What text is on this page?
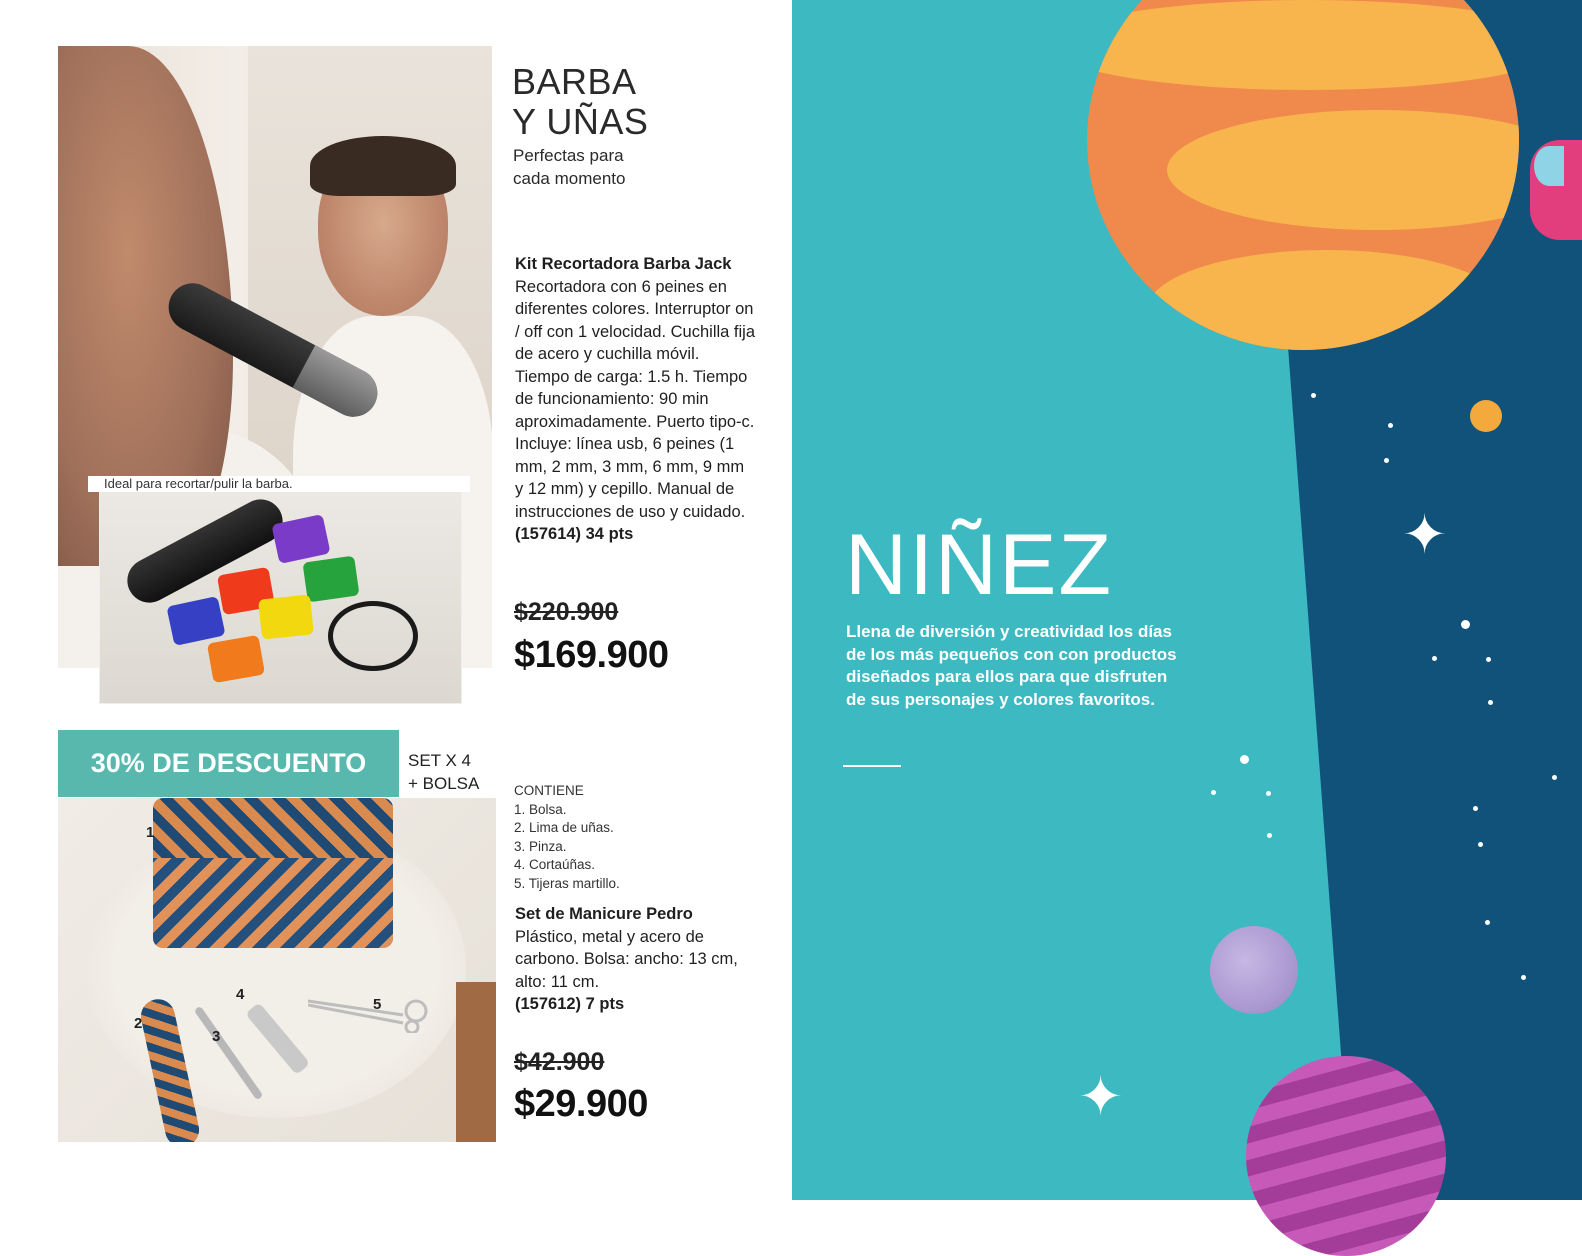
Ideal para recortar/pulir la barba.
BARBA
Y UÑAS
Perfectas para
cada momento
Kit Recortadora Barba Jack
Recortadora con 6 peines en diferentes colores. Interruptor on / off con 1 velocidad. Cuchilla fija de acero y cuchilla móvil. Tiempo de carga: 1.5 h. Tiempo de funcionamiento: 90 min aproximadamente. Puerto tipo-c. Incluye: línea usb, 6 peines (1 mm, 2 mm, 3 mm, 6 mm, 9 mm y 12 mm) y cepillo. Manual de instrucciones de uso y cuidado. (157614) 34 pts
$220.900
$169.900
30% DE DESCUENTO	SET X 4
+ BOLSA
1
2
3
4
5
CONTIENE
1. Bolsa.
2. Lima de uñas.
3. Pinza.
4. Cortaúñas.
5. Tijeras martillo.
Set de Manicure Pedro
Plástico, metal y acero de carbono. Bolsa: ancho: 13 cm, alto: 11 cm.
(157612) 7 pts
$42.900
$29.900
✦
✦
NIÑEZ

Llena de diversión y creatividad los días de los más pequeños con con productos diseñados para ellos para que disfruten de sus personajes y colores favoritos.
